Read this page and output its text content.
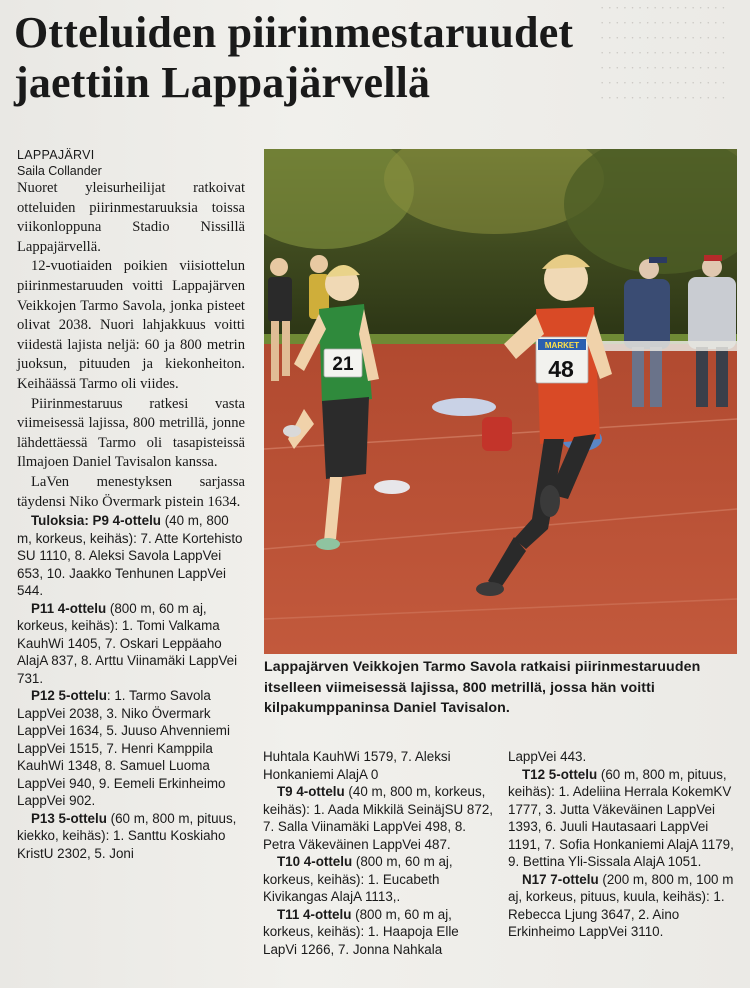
· · · · · · · · · · · · · · · · ·
· · · · · · · · · · · · · · · · ·
· · · · · · · · · · · · · · · · ·
· · · · · · · · · · · · · · · · ·
· · · · · · · · · · · · · · · · ·
· · · · · · · · · · · · · · · · ·
· · · · · · · · · · · · · · · · ·
Otteluiden piirinmestaruudet
jaettiin Lappajärvellä
LAPPAJÄRVI
Saila Collander

Nuoret yleisurheilijat ratkoivat otteluiden piirinmestaruuksia toissa viikonloppuna Stadio Nissillä Lappajärvellä.

12-vuotiaiden poikien viisiottelun piirinmestaruuden voitti Lappajärven Veikkojen Tarmo Savola, jonka pisteet olivat 2038. Nuori lahjakkuus voitti viidestä lajista neljä: 60 ja 800 metrin juoksun, pituuden ja kiekonheiton. Keihäässä Tarmo oli viides.

Piirinmestaruus ratkesi vasta viimeisessä lajissa, 800 metrillä, jonne lähdettäessä Tarmo oli tasapisteissä Ilmajoen Daniel Tavisalon kanssa.

LaVen menestyksen sarjassa täydensi Niko Övermark pistein 1634.

Tuloksia: P9 4-ottelu (40 m, 800 m, korkeus, keihäs): 7. Atte Kortehisto SU 1110, 8. Aleksi Savola LappVei 653, 10. Jaakko Tenhunen LappVei 544.

P11 4-ottelu (800 m, 60 m aj, korkeus, keihäs): 1. Tomi Valkama KauhWi 1405, 7. Oskari Leppäaho AlajA 837, 8. Arttu Viinamäki LappVei 731.

P12 5-ottelu: 1. Tarmo Savola LappVei 2038, 3. Niko Övermark LappVei 1634, 5. Juuso Ahvenniemi LappVei 1515, 7. Henri Kamppila KauhWi 1348, 8. Samuel Luoma LappVei 940, 9. Eemeli Erkinheimo LappVei 902.

P13 5-ottelu (60 m, 800 m, pituus, kiekko, keihäs): 1. Santtu Koskiaho KristU 2302, 5. Joni

21
MARKET
48

Lappajärven Veikkojen Tarmo Savola ratkaisi piirinmestaruuden itselleen viimeisessä lajissa, 800 metrillä, jossa hän voitti kilpakumppaninsa Daniel Tavisalon.

Huhtala KauhWi 1579, 7. Aleksi Honkaniemi AlajA 0

T9 4-ottelu (40 m, 800 m, korkeus, keihäs): 1. Aada Mikkilä SeinäjSU 872, 7. Salla Viinamäki LappVei 498, 8. Petra Väkeväinen LappVei 487.

T10 4-ottelu (800 m, 60 m aj, korkeus, keihäs): 1. Eucabeth Kivikangas AlajA 1113,.

T11 4-ottelu (800 m, 60 m aj, korkeus, keihäs): 1. Haapoja Elle LapVi 1266, 7. Jonna Nahkala

LappVei 443.

T12 5-ottelu (60 m, 800 m, pituus, keihäs): 1. Adeliina Herrala KokemKV 1777, 3. Jutta Väkeväinen LappVei 1393, 6. Juuli Hautasaari LappVei 1191, 7. Sofia Honkaniemi AlajA 1179, 9. Bettina Yli-Sissala AlajA 1051.

N17 7-ottelu (200 m, 800 m, 100 m aj, korkeus, pituus, kuula, keihäs): 1. Rebecca Ljung 3647, 2. Aino Erkinheimo LappVei 3110.
